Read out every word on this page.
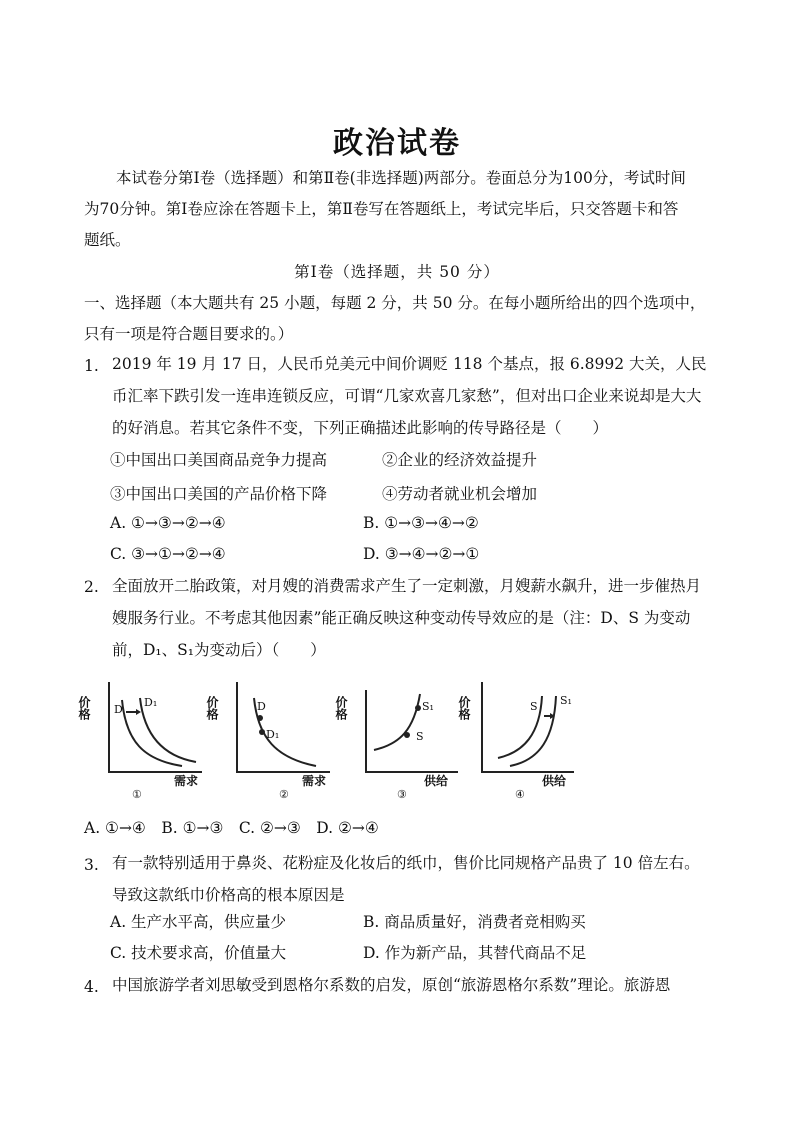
政治试卷
本试卷分第Ⅰ卷（选择题）和第Ⅱ卷(非选择题)两部分。卷面总分为100分，考试时间
为70分钟。第Ⅰ卷应涂在答题卡上，第Ⅱ卷写在答题纸上，考试完毕后，只交答题卡和答
题纸。
第Ⅰ卷（选择题，共 50 分）
一、选择题（本大题共有 25 小题，每题 2 分，共 50 分。在每小题所给出的四个选项中，
只有一项是符合题目要求的。）
1. 2019 年 19 月 17 日，人民币兑美元中间价调贬 118 个基点，报 6.8992 大关，人民币汇率下跌引发一连串连锁反应，可谓“几家欢喜几家愁”，但对出口企业来说却是大大的好消息。若其它条件不变，下列正确描述此影响的传导路径是（　　）
①中国出口美国商品竞争力提高	②企业的经济效益提升
③中国出口美国的产品价格下降	④劳动者就业机会增加
A. ①→③→②→④	B. ①→③→④→②
C. ③→①→②→④	D. ③→④→②→①
2. 全面放开二胎政策，对月嫂的消费需求产生了一定刺激，月嫂薪水飙升，进一步催热月嫂服务行业。不考虑其他因素”能正确反映这种变动传导效应的是（注：D、S 为变动前，D₁、S₁为变动后）（　　）
价格 D
D₁
需求
①
价格	D
D₁
需求
②
价格
S
S₁
供给
③
价格	S S₁
供给
④
A. ①→④　B. ①→③　C. ②→③　D. ②→④
3. 有一款特别适用于鼻炎、花粉症及化妆后的纸巾，售价比同规格产品贵了 10 倍左右。导致这款纸巾价格高的根本原因是
A. 生产水平高，供应量少	B. 商品质量好，消费者竞相购买
C. 技术要求高，价值量大	D. 作为新产品，其替代商品不足
4. 中国旅游学者刘思敏受到恩格尔系数的启发，原创“旅游恩格尔系数”理论。旅游恩
